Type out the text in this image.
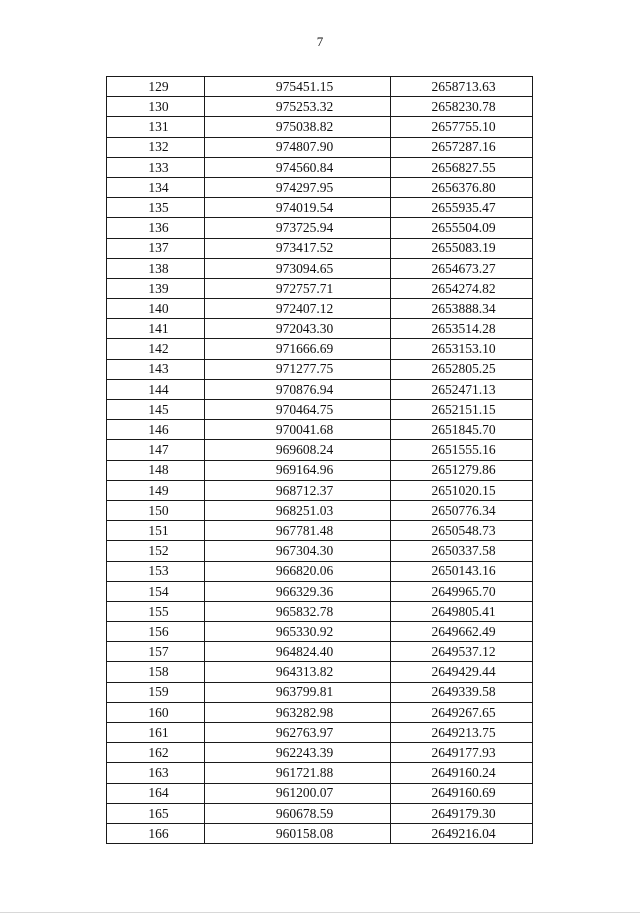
7
129	975451.15	2658713.63
130	975253.32	2658230.78
131	975038.82	2657755.10
132	974807.90	2657287.16
133	974560.84	2656827.55
134	974297.95	2656376.80
135	974019.54	2655935.47
136	973725.94	2655504.09
137	973417.52	2655083.19
138	973094.65	2654673.27
139	972757.71	2654274.82
140	972407.12	2653888.34
141	972043.30	2653514.28
142	971666.69	2653153.10
143	971277.75	2652805.25
144	970876.94	2652471.13
145	970464.75	2652151.15
146	970041.68	2651845.70
147	969608.24	2651555.16
148	969164.96	2651279.86
149	968712.37	2651020.15
150	968251.03	2650776.34
151	967781.48	2650548.73
152	967304.30	2650337.58
153	966820.06	2650143.16
154	966329.36	2649965.70
155	965832.78	2649805.41
156	965330.92	2649662.49
157	964824.40	2649537.12
158	964313.82	2649429.44
159	963799.81	2649339.58
160	963282.98	2649267.65
161	962763.97	2649213.75
162	962243.39	2649177.93
163	961721.88	2649160.24
164	961200.07	2649160.69
165	960678.59	2649179.30
166	960158.08	2649216.04
